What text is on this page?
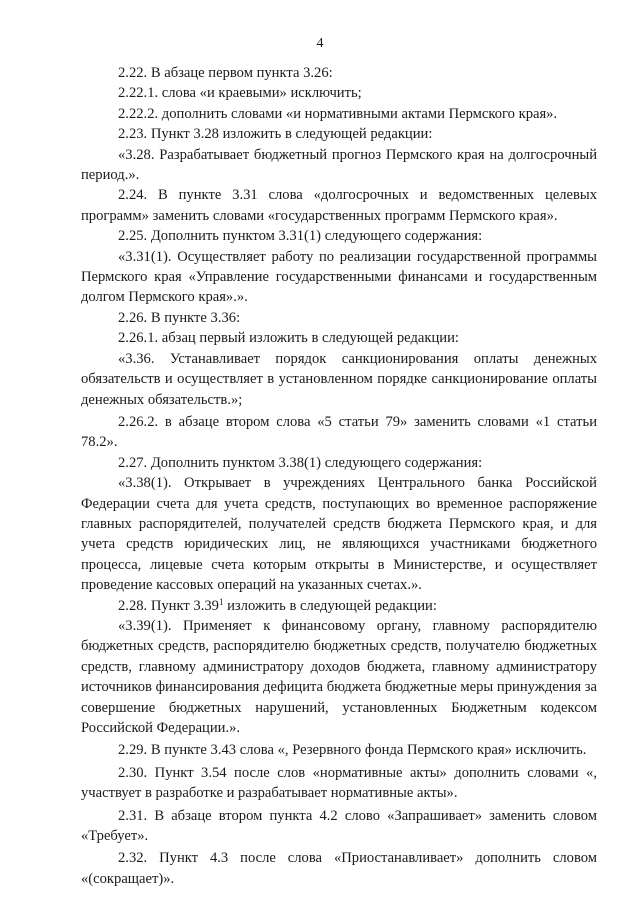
4

2.22. В абзаце первом пункта 3.26:

2.22.1. слова «и краевыми» исключить;

2.22.2. дополнить словами «и нормативными актами Пермского края».

2.23. Пункт 3.28 изложить в следующей редакции:

«3.28. Разрабатывает бюджетный прогноз Пермского края на долгосрочный период.».

2.24. В пункте 3.31 слова «долгосрочных и ведомственных целевых программ» заменить словами «государственных программ Пермского края».

2.25. Дополнить пунктом 3.31(1) следующего содержания:

«3.31(1). Осуществляет работу по реализации государственной программы Пермского края «Управление государственными финансами и государственным долгом Пермского края».».

2.26. В пункте 3.36:

2.26.1. абзац первый изложить в следующей редакции:

«3.36. Устанавливает порядок санкционирования оплаты денежных обязательств и осуществляет в установленном порядке санкционирование оплаты денежных обязательств.»;

2.26.2. в абзаце втором слова «5 статьи 79» заменить словами «1 статьи 78.2».

2.27. Дополнить пунктом 3.38(1) следующего содержания:

«3.38(1). Открывает в учреждениях Центрального банка Российской Федерации счета для учета средств, поступающих во временное распоряжение главных распорядителей, получателей средств бюджета Пермского края, и для учета средств юридических лиц, не являющихся участниками бюджетного процесса, лицевые счета которым открыты в Министерстве, и осуществляет проведение кассовых операций на указанных счетах.».

2.28. Пункт 3.39$^1$ изложить в следующей редакции:

«3.39(1). Применяет к финансовому органу, главному распорядителю бюджетных средств, распорядителю бюджетных средств, получателю бюджетных средств, главному администратору доходов бюджета, главному администратору источников финансирования дефицита бюджета бюджетные меры принуждения за совершение бюджетных нарушений, установленных Бюджетным кодексом Российской Федерации.».

2.29. В пункте 3.43 слова «, Резервного фонда Пермского края» исключить.

2.30. Пункт 3.54 после слов «нормативные акты» дополнить словами «, участвует в разработке и разрабатывает нормативные акты».

2.31. В абзаце втором пункта 4.2 слово «Запрашивает» заменить словом «Требует».

2.32. Пункт 4.3 после слова «Приостанавливает» дополнить словом «(сокращает)».
